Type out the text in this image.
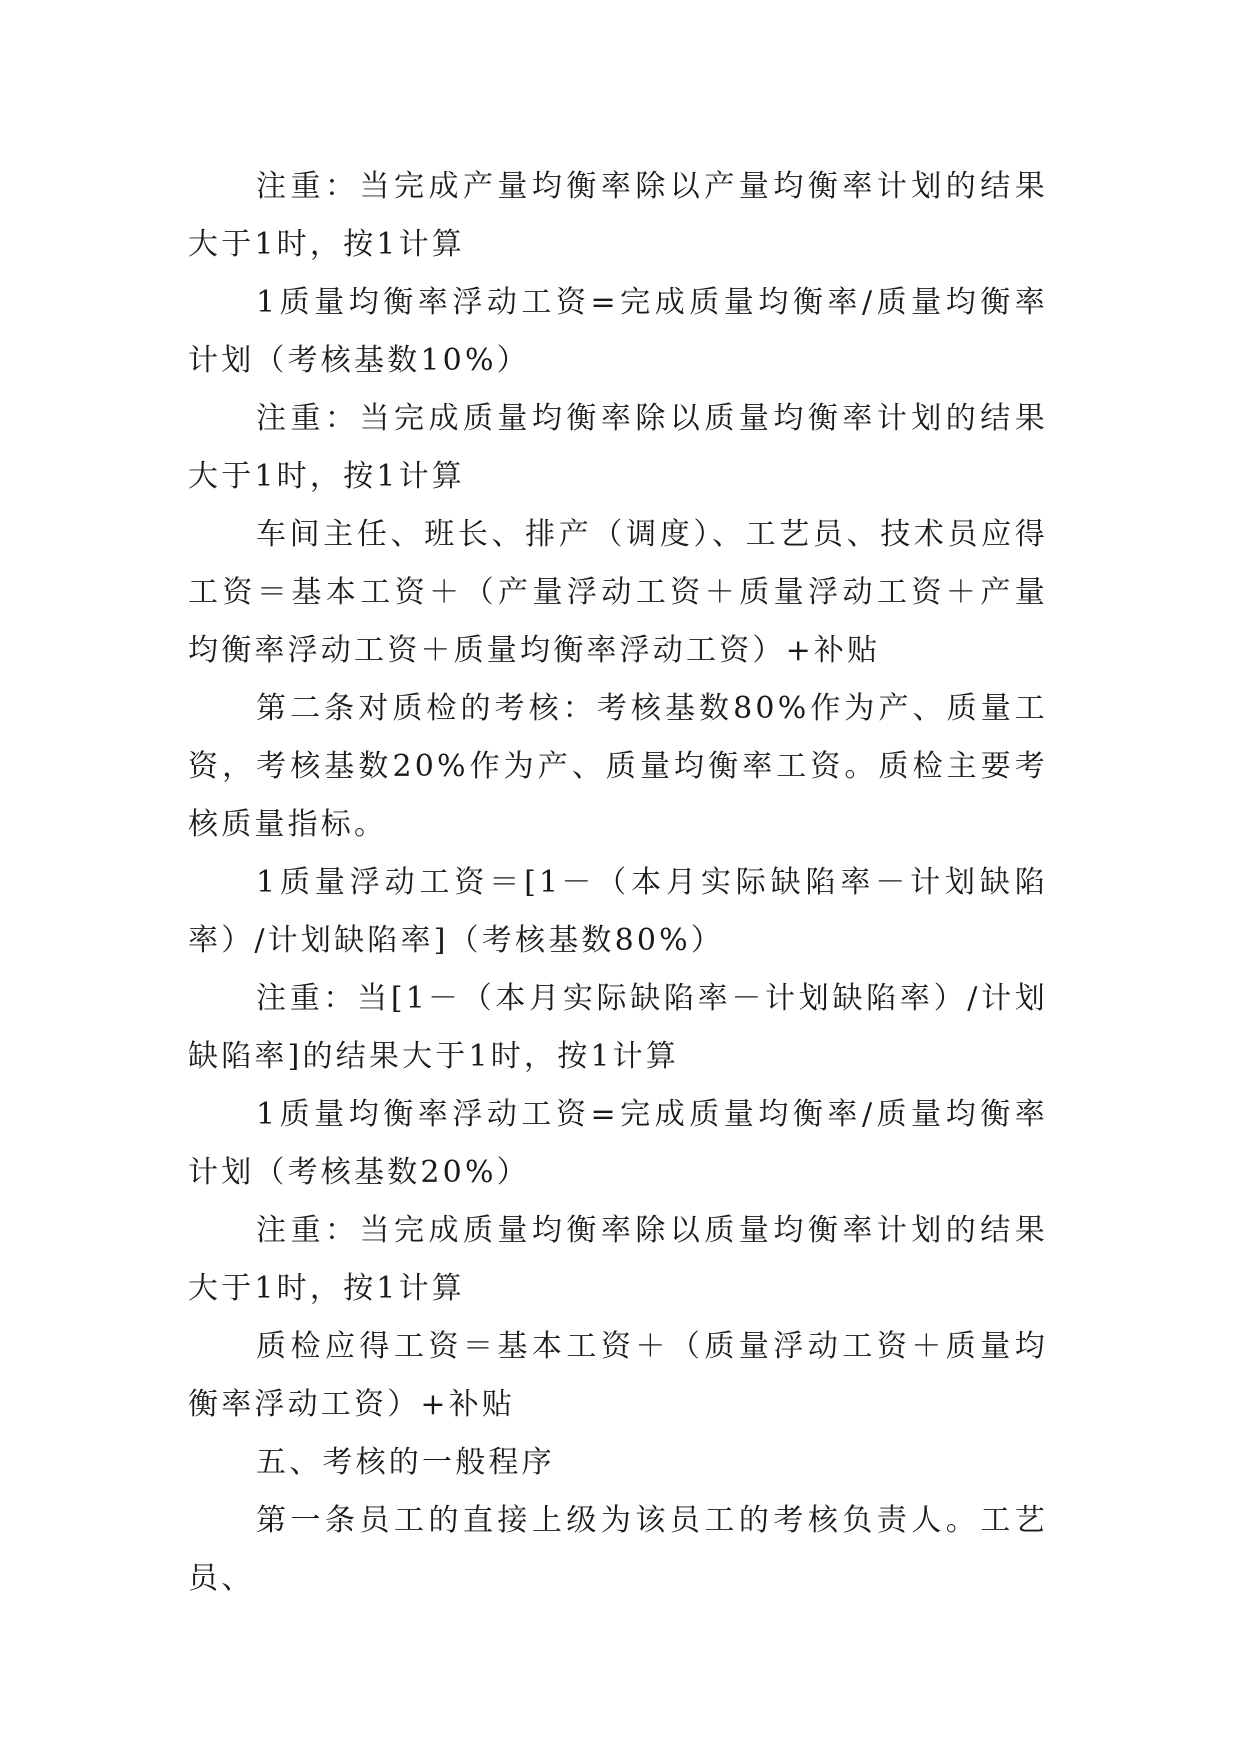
注重：当完成产量均衡率除以产量均衡率计划的结果大于1时，按1计算

1质量均衡率浮动工资=完成质量均衡率/质量均衡率计划（考核基数10%）

注重：当完成质量均衡率除以质量均衡率计划的结果大于1时，按1计算

车间主任、班长、排产（调度）、工艺员、技术员应得工资＝基本工资＋（产量浮动工资＋质量浮动工资＋产量均衡率浮动工资＋质量均衡率浮动工资）+补贴

第二条对质检的考核：考核基数80%作为产、质量工资，考核基数20%作为产、质量均衡率工资。质检主要考核质量指标。

1质量浮动工资＝[1－（本月实际缺陷率－计划缺陷率）/计划缺陷率]（考核基数80%）

注重：当[1－（本月实际缺陷率－计划缺陷率）/计划缺陷率]的结果大于1时，按1计算

1质量均衡率浮动工资=完成质量均衡率/质量均衡率计划（考核基数20%）

注重：当完成质量均衡率除以质量均衡率计划的结果大于1时，按1计算

质检应得工资＝基本工资＋（质量浮动工资＋质量均衡率浮动工资）+补贴

五、考核的一般程序

第一条员工的直接上级为该员工的考核负责人。工艺员、
